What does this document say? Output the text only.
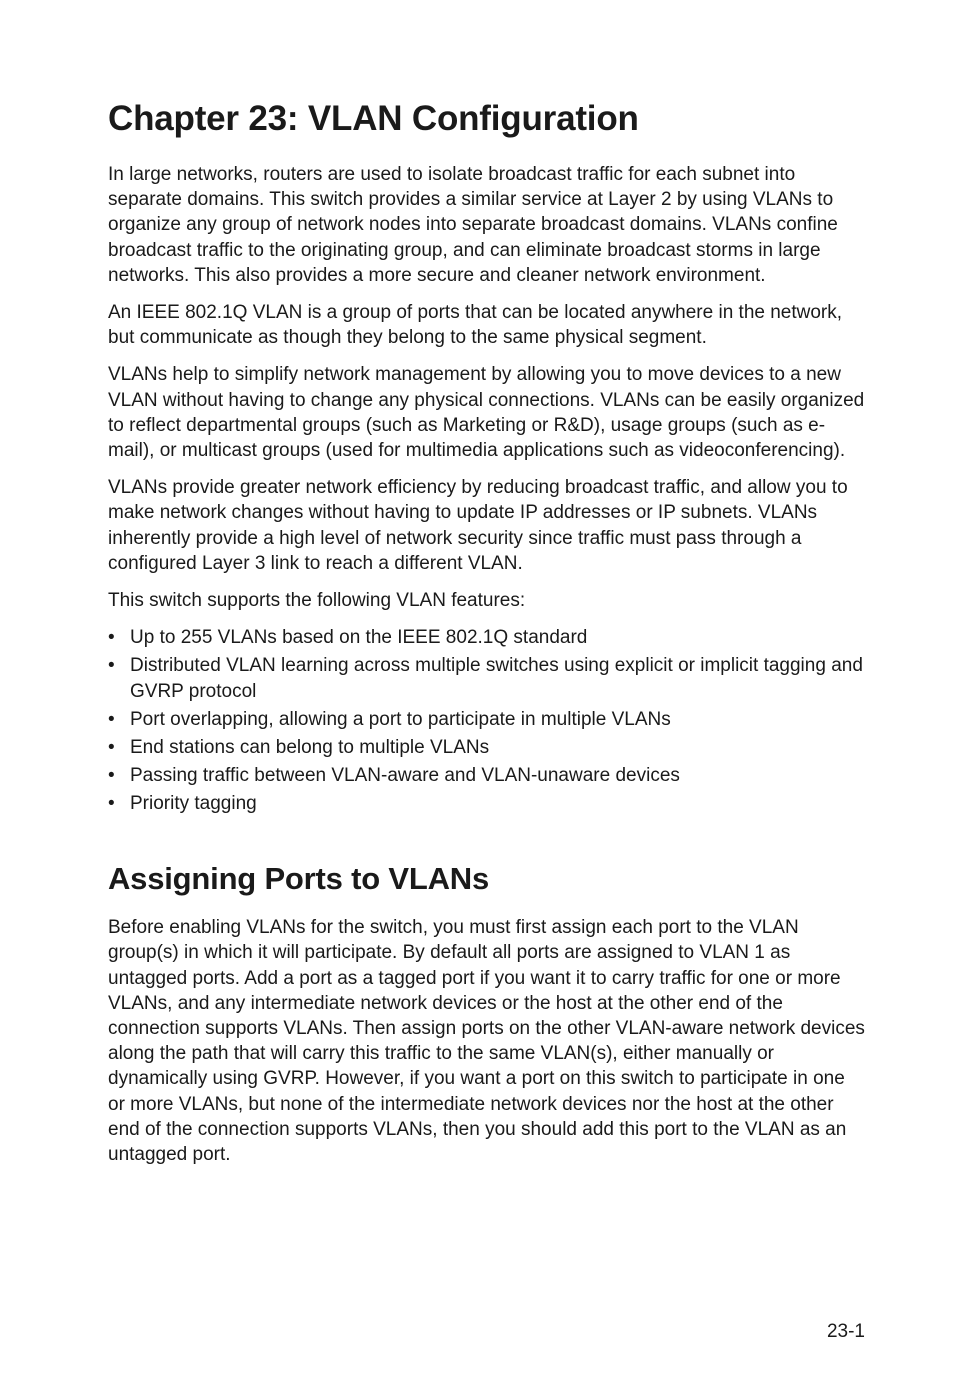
Chapter 23: VLAN Configuration

In large networks, routers are used to isolate broadcast traffic for each subnet into separate domains. This switch provides a similar service at Layer 2 by using VLANs to organize any group of network nodes into separate broadcast domains. VLANs confine broadcast traffic to the originating group, and can eliminate broadcast storms in large networks. This also provides a more secure and cleaner network environment.

An IEEE 802.1Q VLAN is a group of ports that can be located anywhere in the network, but communicate as though they belong to the same physical segment.

VLANs help to simplify network management by allowing you to move devices to a new VLAN without having to change any physical connections. VLANs can be easily organized to reflect departmental groups (such as Marketing or R&D), usage groups (such as e-mail), or multicast groups (used for multimedia applications such as videoconferencing).

VLANs provide greater network efficiency by reducing broadcast traffic, and allow you to make network changes without having to update IP addresses or IP subnets. VLANs inherently provide a high level of network security since traffic must pass through a configured Layer 3 link to reach a different VLAN.

This switch supports the following VLAN features:

• Up to 255 VLANs based on the IEEE 802.1Q standard
• Distributed VLAN learning across multiple switches using explicit or implicit tagging and GVRP protocol
• Port overlapping, allowing a port to participate in multiple VLANs
• End stations can belong to multiple VLANs
• Passing traffic between VLAN-aware and VLAN-unaware devices
• Priority tagging
Assigning Ports to VLANs

Before enabling VLANs for the switch, you must first assign each port to the VLAN group(s) in which it will participate. By default all ports are assigned to VLAN 1 as untagged ports. Add a port as a tagged port if you want it to carry traffic for one or more VLANs, and any intermediate network devices or the host at the other end of the connection supports VLANs. Then assign ports on the other VLAN-aware network devices along the path that will carry this traffic to the same VLAN(s), either manually or dynamically using GVRP. However, if you want a port on this switch to participate in one or more VLANs, but none of the intermediate network devices nor the host at the other end of the connection supports VLANs, then you should add this port to the VLAN as an untagged port.

23-1
